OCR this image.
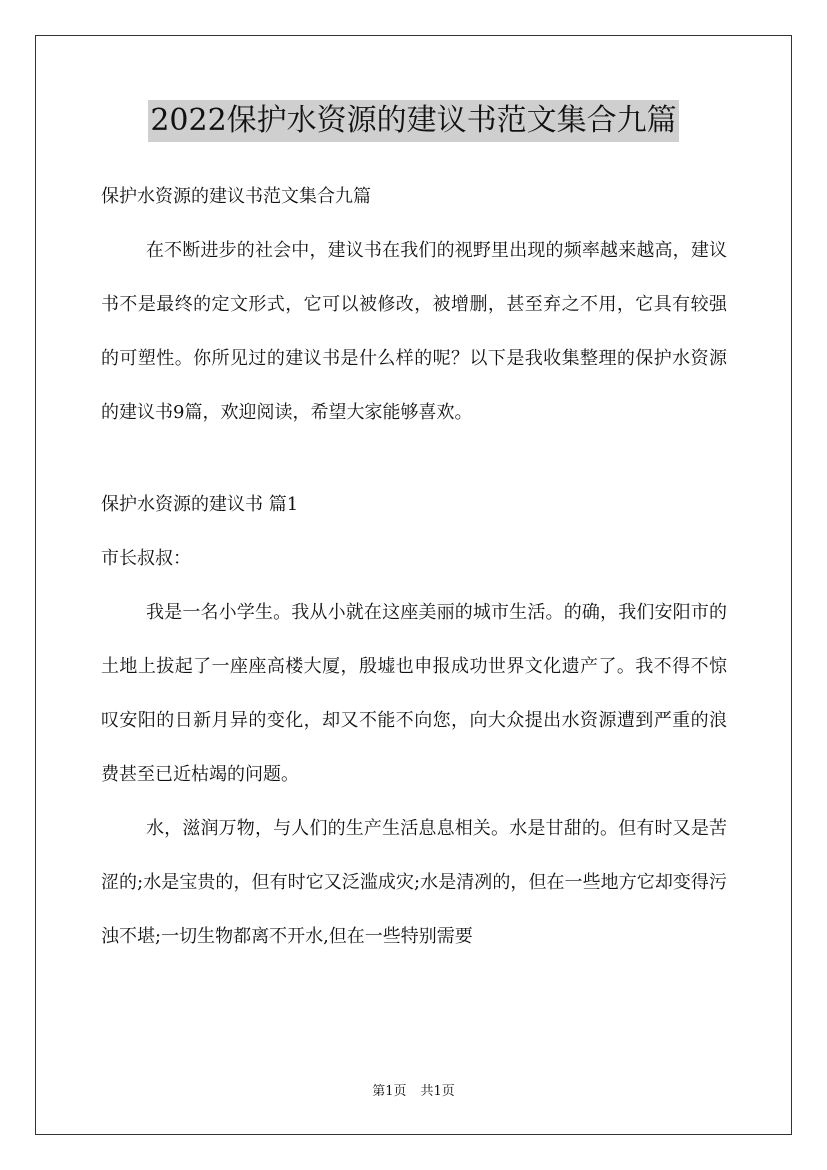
2022保护水资源的建议书范文集合九篇

保护水资源的建议书范文集合九篇

在不断进步的社会中，建议书在我们的视野里出现的频率越来越高，建议书不是最终的定文形式，它可以被修改，被增删，甚至弃之不用，它具有较强的可塑性。你所见过的建议书是什么样的呢？以下是我收集整理的保护水资源的建议书9篇，欢迎阅读，希望大家能够喜欢。

保护水资源的建议书 篇1

市长叔叔：

我是一名小学生。我从小就在这座美丽的城市生活。的确，我们安阳市的土地上拔起了一座座高楼大厦，殷墟也申报成功世界文化遗产了。我不得不惊叹安阳的日新月异的变化，却又不能不向您，向大众提出水资源遭到严重的浪费甚至已近枯竭的问题。

水，滋润万物，与人们的生产生活息息相关。水是甘甜的。但有时又是苦涩的;水是宝贵的，但有时它又泛滥成灾;水是清冽的，但在一些地方它却变得污浊不堪;一切生物都离不开水,但在一些特别需要

第1页 共1页
